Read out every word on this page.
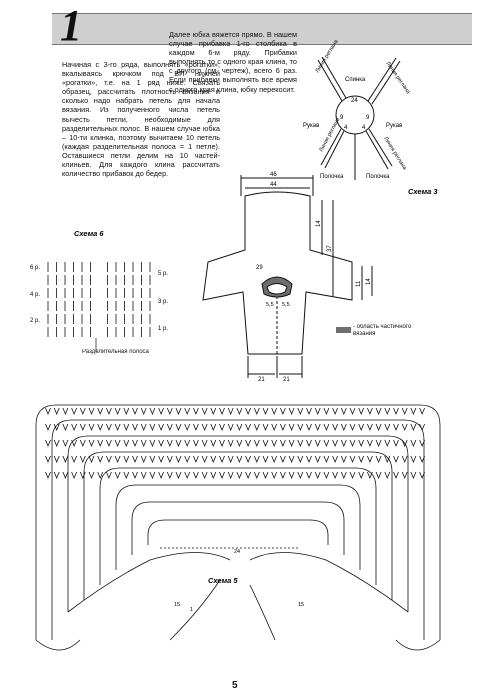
1
Начиная с 3-го ряда, выполнять «рогатки», вкалываясь крючком под ВП нижней «рогатки», т.е. на 1 ряд ниже. Связать образец, рассчитать плотность вязания и сколько надо набрать петель для начала вязания. Из полученного числа петель вычесть петли, необходимые для разделительных полос. В нашем случае юбка – 10-ти клинка, поэтому вычитаем 10 петель (каждая разделительная полоса = 1 петле). Оставшиеся петли делим на 10 частей-клиньев. Для каждого клина рассчитать количество прибавок до бедер.
Далее юбка вяжется прямо. В нашем случае прибавка 1-го столбика в каждом 6-м ряду. Прибавки выполнять то с одного края клина, то с другого (см. чертеж), всего 6 раз. Если прибавки выполнять все время с одного края клина, юбку перекосит.
Линия реглана
Линия реглана
Линия реглана
Линия реглана
Спинка
Рукав	Рукав
Полочка	Полочка
24
9	9
4 4
Схема 3
46
44
14
37
11 14
29
5,5 5,5
21	21
- область частичного вязания
Схема 6
6 р.
4 р.
2 р.
5 р.
3 р.
1 р.
Разделительная полоса
Схема 5
24
15	15
1
5
